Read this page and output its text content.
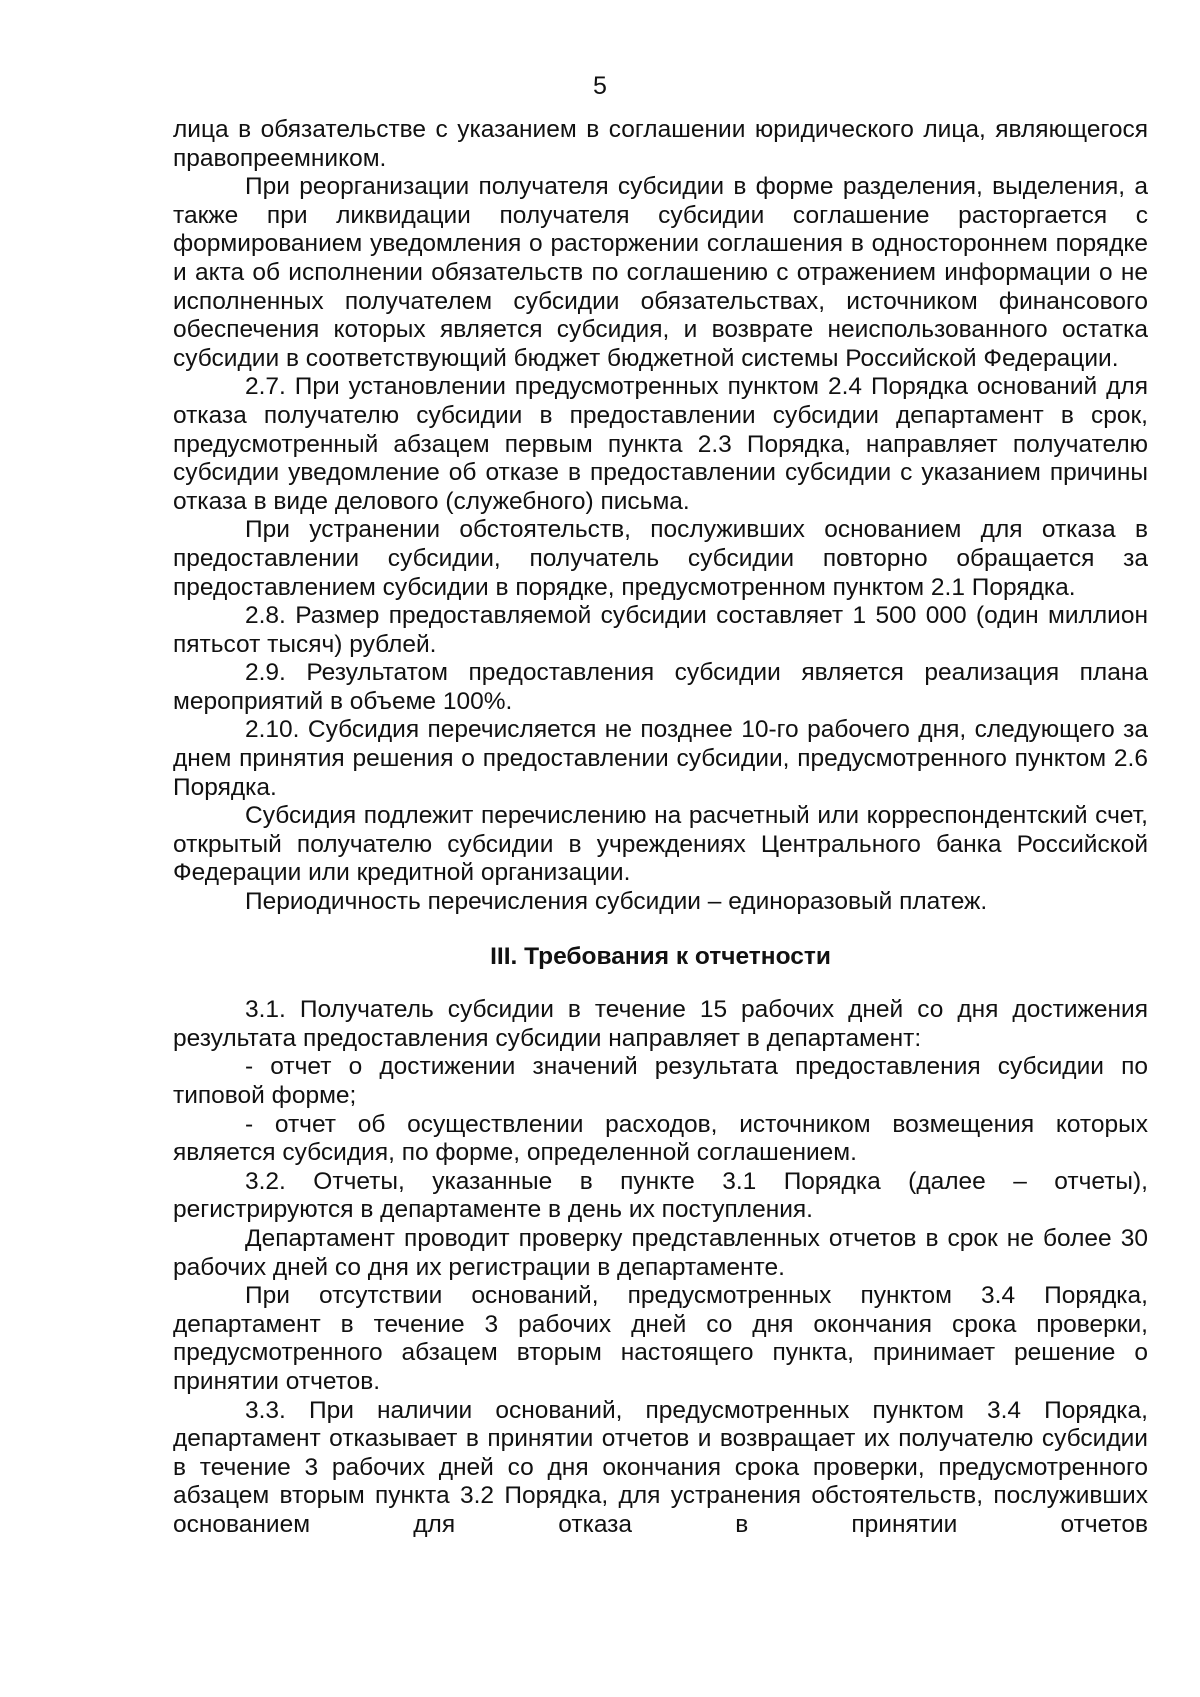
5

лица в обязательстве с указанием в соглашении юридического лица, являющегося правопреемником.

При реорганизации получателя субсидии в форме разделения, выделения, а также при ликвидации получателя субсидии соглашение расторгается с формированием уведомления о расторжении соглашения в одностороннем порядке и акта об исполнении обязательств по соглашению с отражением информации о не исполненных получателем субсидии обязательствах, источником финансового обеспечения которых является субсидия, и возврате неиспользованного остатка субсидии в соответствующий бюджет бюджетной системы Российской Федерации.

2.7. При установлении предусмотренных пунктом 2.4 Порядка оснований для отказа получателю субсидии в предоставлении субсидии департамент в срок, предусмотренный абзацем первым пункта 2.3 Порядка, направляет получателю субсидии уведомление об отказе в предоставлении субсидии с указанием причины отказа в виде делового (служебного) письма.

При устранении обстоятельств, послуживших основанием для отказа в предоставлении субсидии, получатель субсидии повторно обращается за предоставлением субсидии в порядке, предусмотренном пунктом 2.1 Порядка.

2.8. Размер предоставляемой субсидии составляет 1 500 000 (один миллион пятьсот тысяч) рублей.

2.9. Результатом предоставления субсидии является реализация плана мероприятий в объеме 100%.

2.10. Субсидия перечисляется не позднее 10-го рабочего дня, следующего за днем принятия решения о предоставлении субсидии, предусмотренного пунктом 2.6 Порядка.

Субсидия подлежит перечислению на расчетный или корреспондентский счет, открытый получателю субсидии в учреждениях Центрального банка Российской Федерации или кредитной организации.

Периодичность перечисления субсидии – единоразовый платеж.

III. Требования к отчетности

3.1. Получатель субсидии в течение 15 рабочих дней со дня достижения результата предоставления субсидии направляет в департамент:

- отчет о достижении значений результата предоставления субсидии по типовой форме;

- отчет об осуществлении расходов, источником возмещения которых является субсидия, по форме, определенной соглашением.

3.2. Отчеты, указанные в пункте 3.1 Порядка (далее – отчеты), регистрируются в департаменте в день их поступления.

Департамент проводит проверку представленных отчетов в срок не более 30 рабочих дней со дня их регистрации в департаменте.

При отсутствии оснований, предусмотренных пунктом 3.4 Порядка, департамент в течение 3 рабочих дней со дня окончания срока проверки, предусмотренного абзацем вторым настоящего пункта, принимает решение о принятии отчетов.

3.3. При наличии оснований, предусмотренных пунктом 3.4 Порядка, департамент отказывает в принятии отчетов и возвращает их получателю субсидии в течение 3 рабочих дней со дня окончания срока проверки, предусмотренного абзацем вторым пункта 3.2 Порядка, для устранения обстоятельств, послуживших основанием для отказа в принятии отчетов
